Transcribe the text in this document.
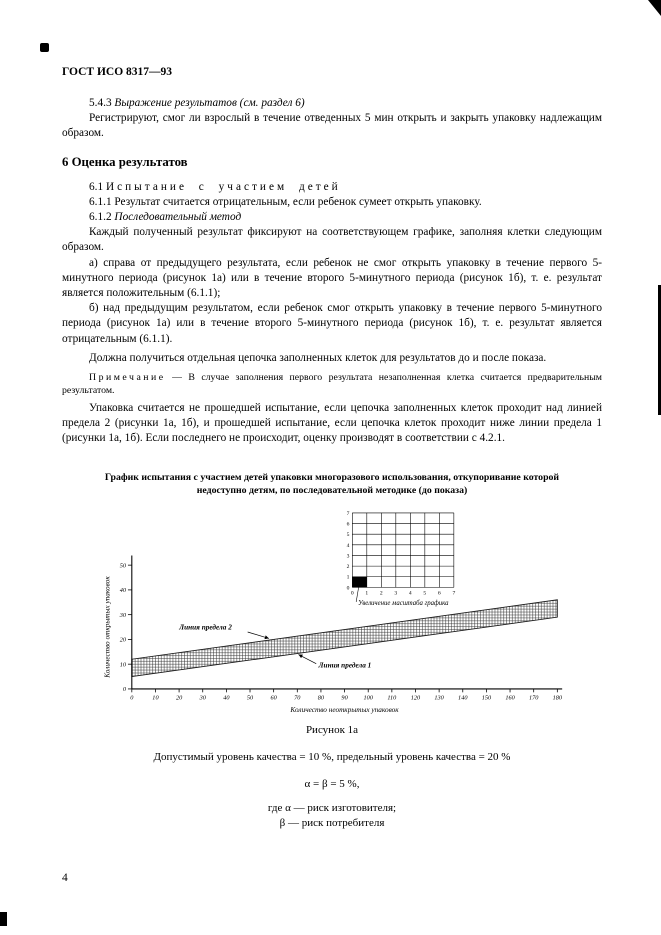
ГОСТ ИСО 8317—93

5.4.3 Выражение результатов (см. раздел 6)

Регистрируют, смог ли взрослый в течение отведенных 5 мин открыть и закрыть упаковку надлежащим образом.

6 Оценка результатов

6.1 Испытание с участием детей

6.1.1 Результат считается отрицательным, если ребенок сумеет открыть упаковку.

6.1.2 Последовательный метод

Каждый полученный результат фиксируют на соответствующем графике, заполняя клетки следующим образом.

а) справа от предыдущего результата, если ребенок не смог открыть упаковку в течение первого 5-минутного периода (рисунок 1а) или в течение второго 5-минутного периода (рисунок 1б), т. е. результат является положительным (6.1.1);

б) над предыдущим результатом, если ребенок смог открыть упаковку в течение первого 5-минутного периода (рисунок 1а) или в течение второго 5-минутного периода (рисунок 1б), т. е. результат является отрицательным (6.1.1).

Должна получиться отдельная цепочка заполненных клеток для результатов до и после показа.

Примечание — В случае заполнения первого результата незаполненная клетка считается предварительным результатом.

Упаковка считается не прошедшей испытание, если цепочка заполненных клеток проходит над линией предела 2 (рисунки 1а, 1б), и прошедшей испытание, если цепочка клеток проходит ниже линии предела 1 (рисунки 1а, 1б). Если последнего не происходит, оценку производят в соответствии с 4.2.1.

График испытания с участием детей упаковки многоразового использования, откупоривание которой недоступно детям, по последовательной методике (до показа)
0
10
20
30
40
50
0	10	20	30	40	50	60	70	80	90 100 110 120 130 140 150 160 170 180
Количество открытых упаковок
Количество неоткрытых упаковок
Линия предела 2
Линия предела 1
0 1 2 3 4 5 6 7
0
1
2
3
4
5
6
7
Увеличение масштаба графика
Рисунок 1а
Допустимый уровень качества = 10 %, предельный уровень качества = 20 %
α = β = 5 %,
где α — риск изготовителя;
β — риск потребителя
4
